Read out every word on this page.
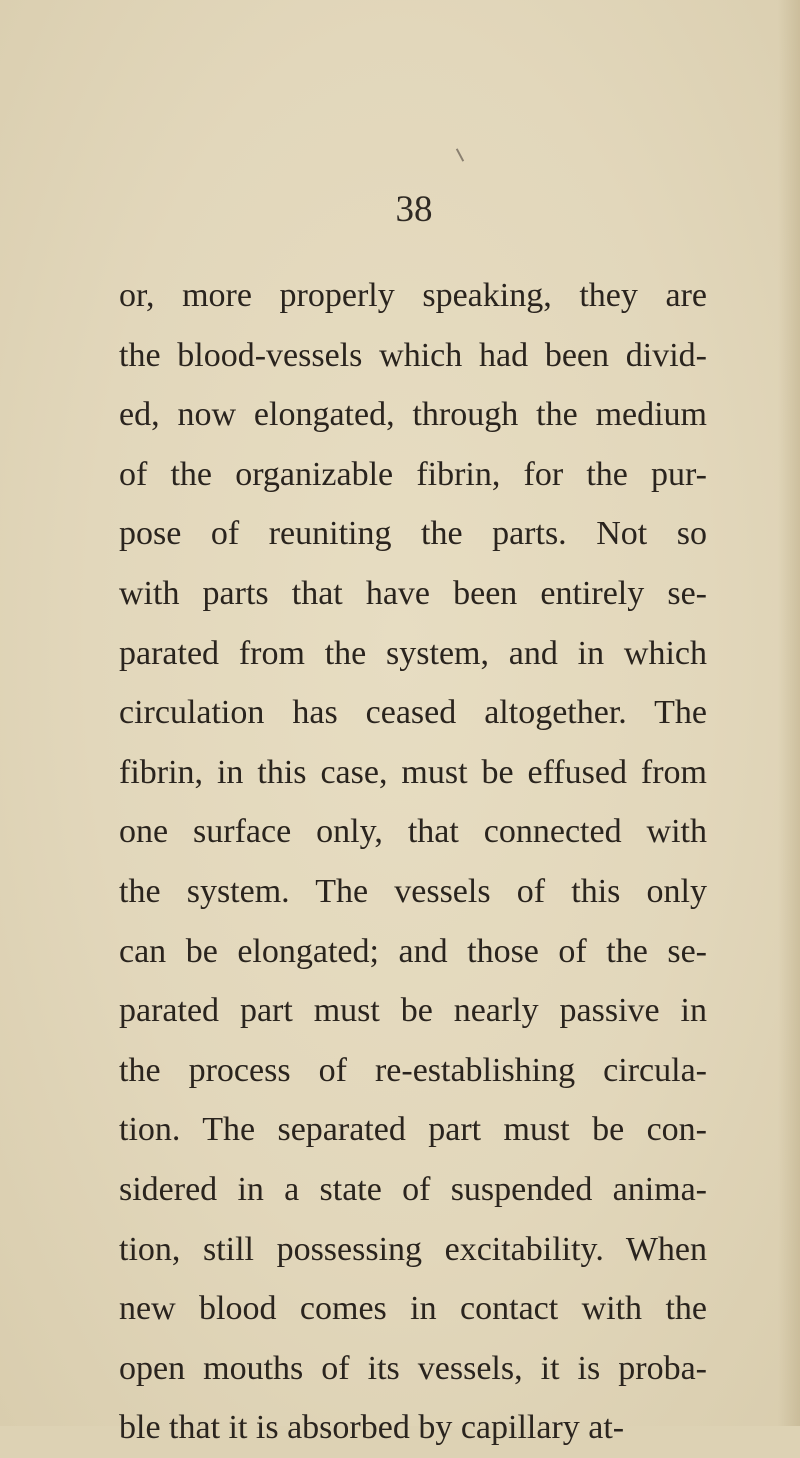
38

or, more properly speaking, they are
the blood-vessels which had been divid-
ed, now elongated, through the medium
of the organizable fibrin, for the pur-
pose of reuniting the parts. Not so
with parts that have been entirely se-
parated from the system, and in which
circulation has ceased altogether. The
fibrin, in this case, must be effused from
one surface only, that connected with
the system. The vessels of this only
can be elongated; and those of the se-
parated part must be nearly passive in
the process of re-establishing circula-
tion. The separated part must be con-
sidered in a state of suspended anima-
tion, still possessing excitability. When
new blood comes in contact with the
open mouths of its vessels, it is proba-
ble that it is absorbed by capillary at-
